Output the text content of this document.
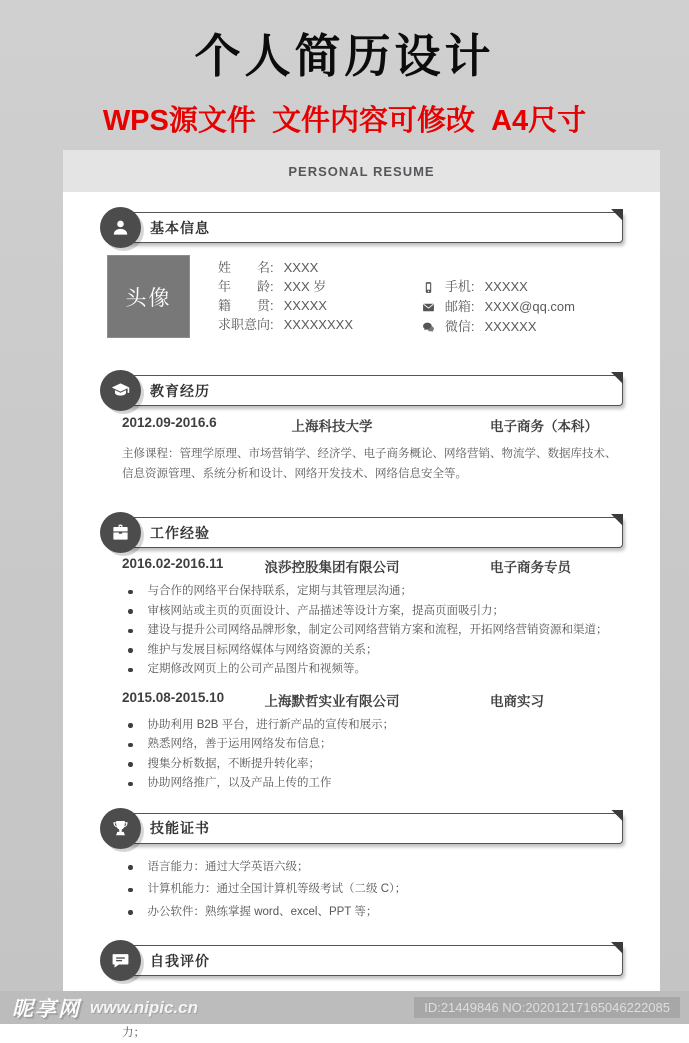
个人简历设计
WPS源文件  文件内容可修改  A4尺寸
PERSONAL RESUME
基本信息
头像
姓　　名: XXXX
年　　龄: XXX 岁
籍　　贯: XXXXX
求职意向: XXXXXXXX
手机: XXXXX
邮箱: XXXX@qq.com
微信: XXXXXX
教育经历
2012.09-2016.6	上海科技大学	电子商务（本科）

主修课程：管理学原理、市场营销学、经济学、电子商务概论、网络营销、物流学、数据库技术、信息资源管理、系统分析和设计、网络开发技术、网络信息安全等。

工作经验
2016.02-2016.11	浪莎控股集团有限公司	电子商务专员
与合作的网络平台保持联系，定期与其管理层沟通；
审核网站或主页的页面设计、产品描述等设计方案，提高页面吸引力；
建设与提升公司网络品牌形象，制定公司网络营销方案和流程，开拓网络营销资源和渠道；
维护与发展目标网络媒体与网络资源的关系；
定期修改网页上的公司产品图片和视频等。
2015.08-2015.10	上海默哲实业有限公司	电商实习
协助利用 B2B 平台，进行新产品的宣传和展示；
熟悉网络，善于运用网络发布信息；
搜集分析数据，不断提升转化率；
协助网络推广，以及产品上传的工作
技能证书
语言能力：通过大学英语六级；
计算机能力：通过全国计算机等级考试（二级 C）；
办公软件：熟练掌握 word、excel、PPT 等；
自我评价

力；

昵享网 www.nipic.cn	ID:21449846 NO:20201217165046222085
